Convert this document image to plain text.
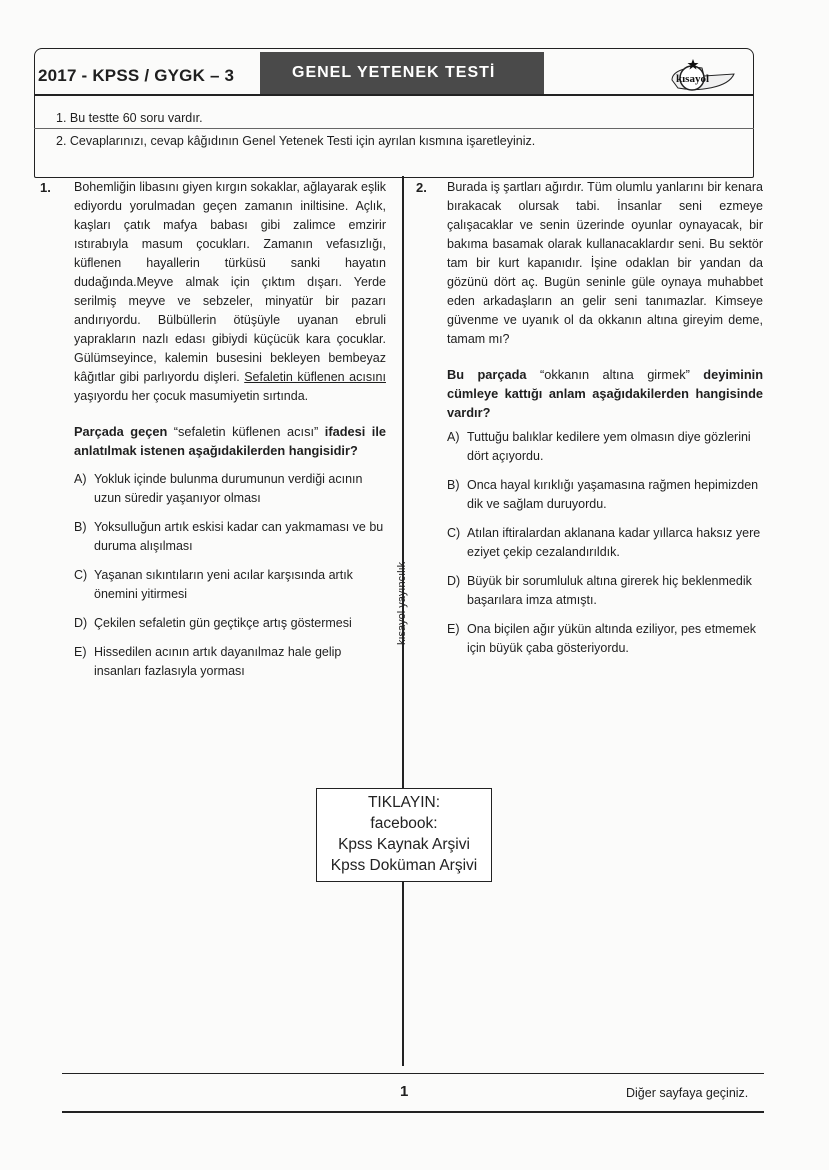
2017 - KPSS / GYGK – 3	GENEL YETENEK TESTİ	kısayol
1. Bu testte 60 soru vardır.
2. Cevaplarınızı, cevap kâğıdının Genel Yetenek Testi için ayrılan kısmına işaretleyiniz.
kısayol yayıncılık
1. Bohemliğin libasını giyen kırgın sokaklar, ağlayarak eşlik ediyordu yorulmadan geçen zamanın iniltisine. Açlık, kaşları çatık mafya babası gibi zalimce emzirir ıstırabıyla masum çocukları. Zamanın vefasızlığı, küflenen hayallerin türküsü sanki hayatın dudağında.Meyve almak için çıktım dışarı. Yerde serilmiş meyve ve sebzeler, minyatür bir pazarı andırıyordu. Bülbüllerin ötüşüyle uyanan ebruli yaprakların nazlı edası gibiydi küçücük kara çocuklar. Gülümseyince, kalemin busesini bekleyen bembeyaz kâğıtlar gibi parlıyordu dişleri. Sefaletin küflenen acısını yaşıyordu her çocuk masumiyetin sırtında.
Parçada geçen “sefaletin küflenen acısı” ifadesi ile anlatılmak istenen aşağıdakilerden hangisidir?
A) Yokluk içinde bulunma durumunun verdiği acının uzun süredir yaşanıyor olması
B) Yoksulluğun artık eskisi kadar can yakmaması ve bu duruma alışılması
C) Yaşanan sıkıntıların yeni acılar karşısında artık önemini yitirmesi
D) Çekilen sefaletin gün geçtikçe artış göstermesi
E) Hissedilen acının artık dayanılmaz hale gelip insanları fazlasıyla yorması
2. Burada iş şartları ağırdır. Tüm olumlu yanlarını bir kenara bırakacak olursak tabi. İnsanlar seni ezmeye çalışacaklar ve senin üzerinde oyunlar oynayacak, bir bakıma basamak olarak kullanacaklardır seni. Bu sektör tam bir kurt kapanıdır. İşine odaklan bir yandan da gözünü dört aç. Bugün seninle güle oynaya muhabbet eden arkadaşların an gelir seni tanımazlar. Kimseye güvenme ve uyanık ol da okkanın altına gireyim deme, tamam mı?
Bu parçada “okkanın altına girmek” deyiminin cümleye kattığı anlam aşağıdakilerden hangisinde vardır?
A) Tuttuğu balıklar kedilere yem olmasın diye gözlerini dört açıyordu.
B) Onca hayal kırıklığı yaşamasına rağmen hepimizden dik ve sağlam duruyordu.
C) Atılan iftiralardan aklanana kadar yıllarca haksız yere eziyet çekip cezalandırıldık.
D) Büyük bir sorumluluk altına girerek hiç beklenmedik başarılara imza atmıştı.
E) Ona biçilen ağır yükün altında eziliyor, pes etmemek için büyük çaba gösteriyordu.
TIKLAYIN:
facebook:
Kpss Kaynak Arşivi
Kpss Doküman Arşivi
1	Diğer sayfaya geçiniz.
